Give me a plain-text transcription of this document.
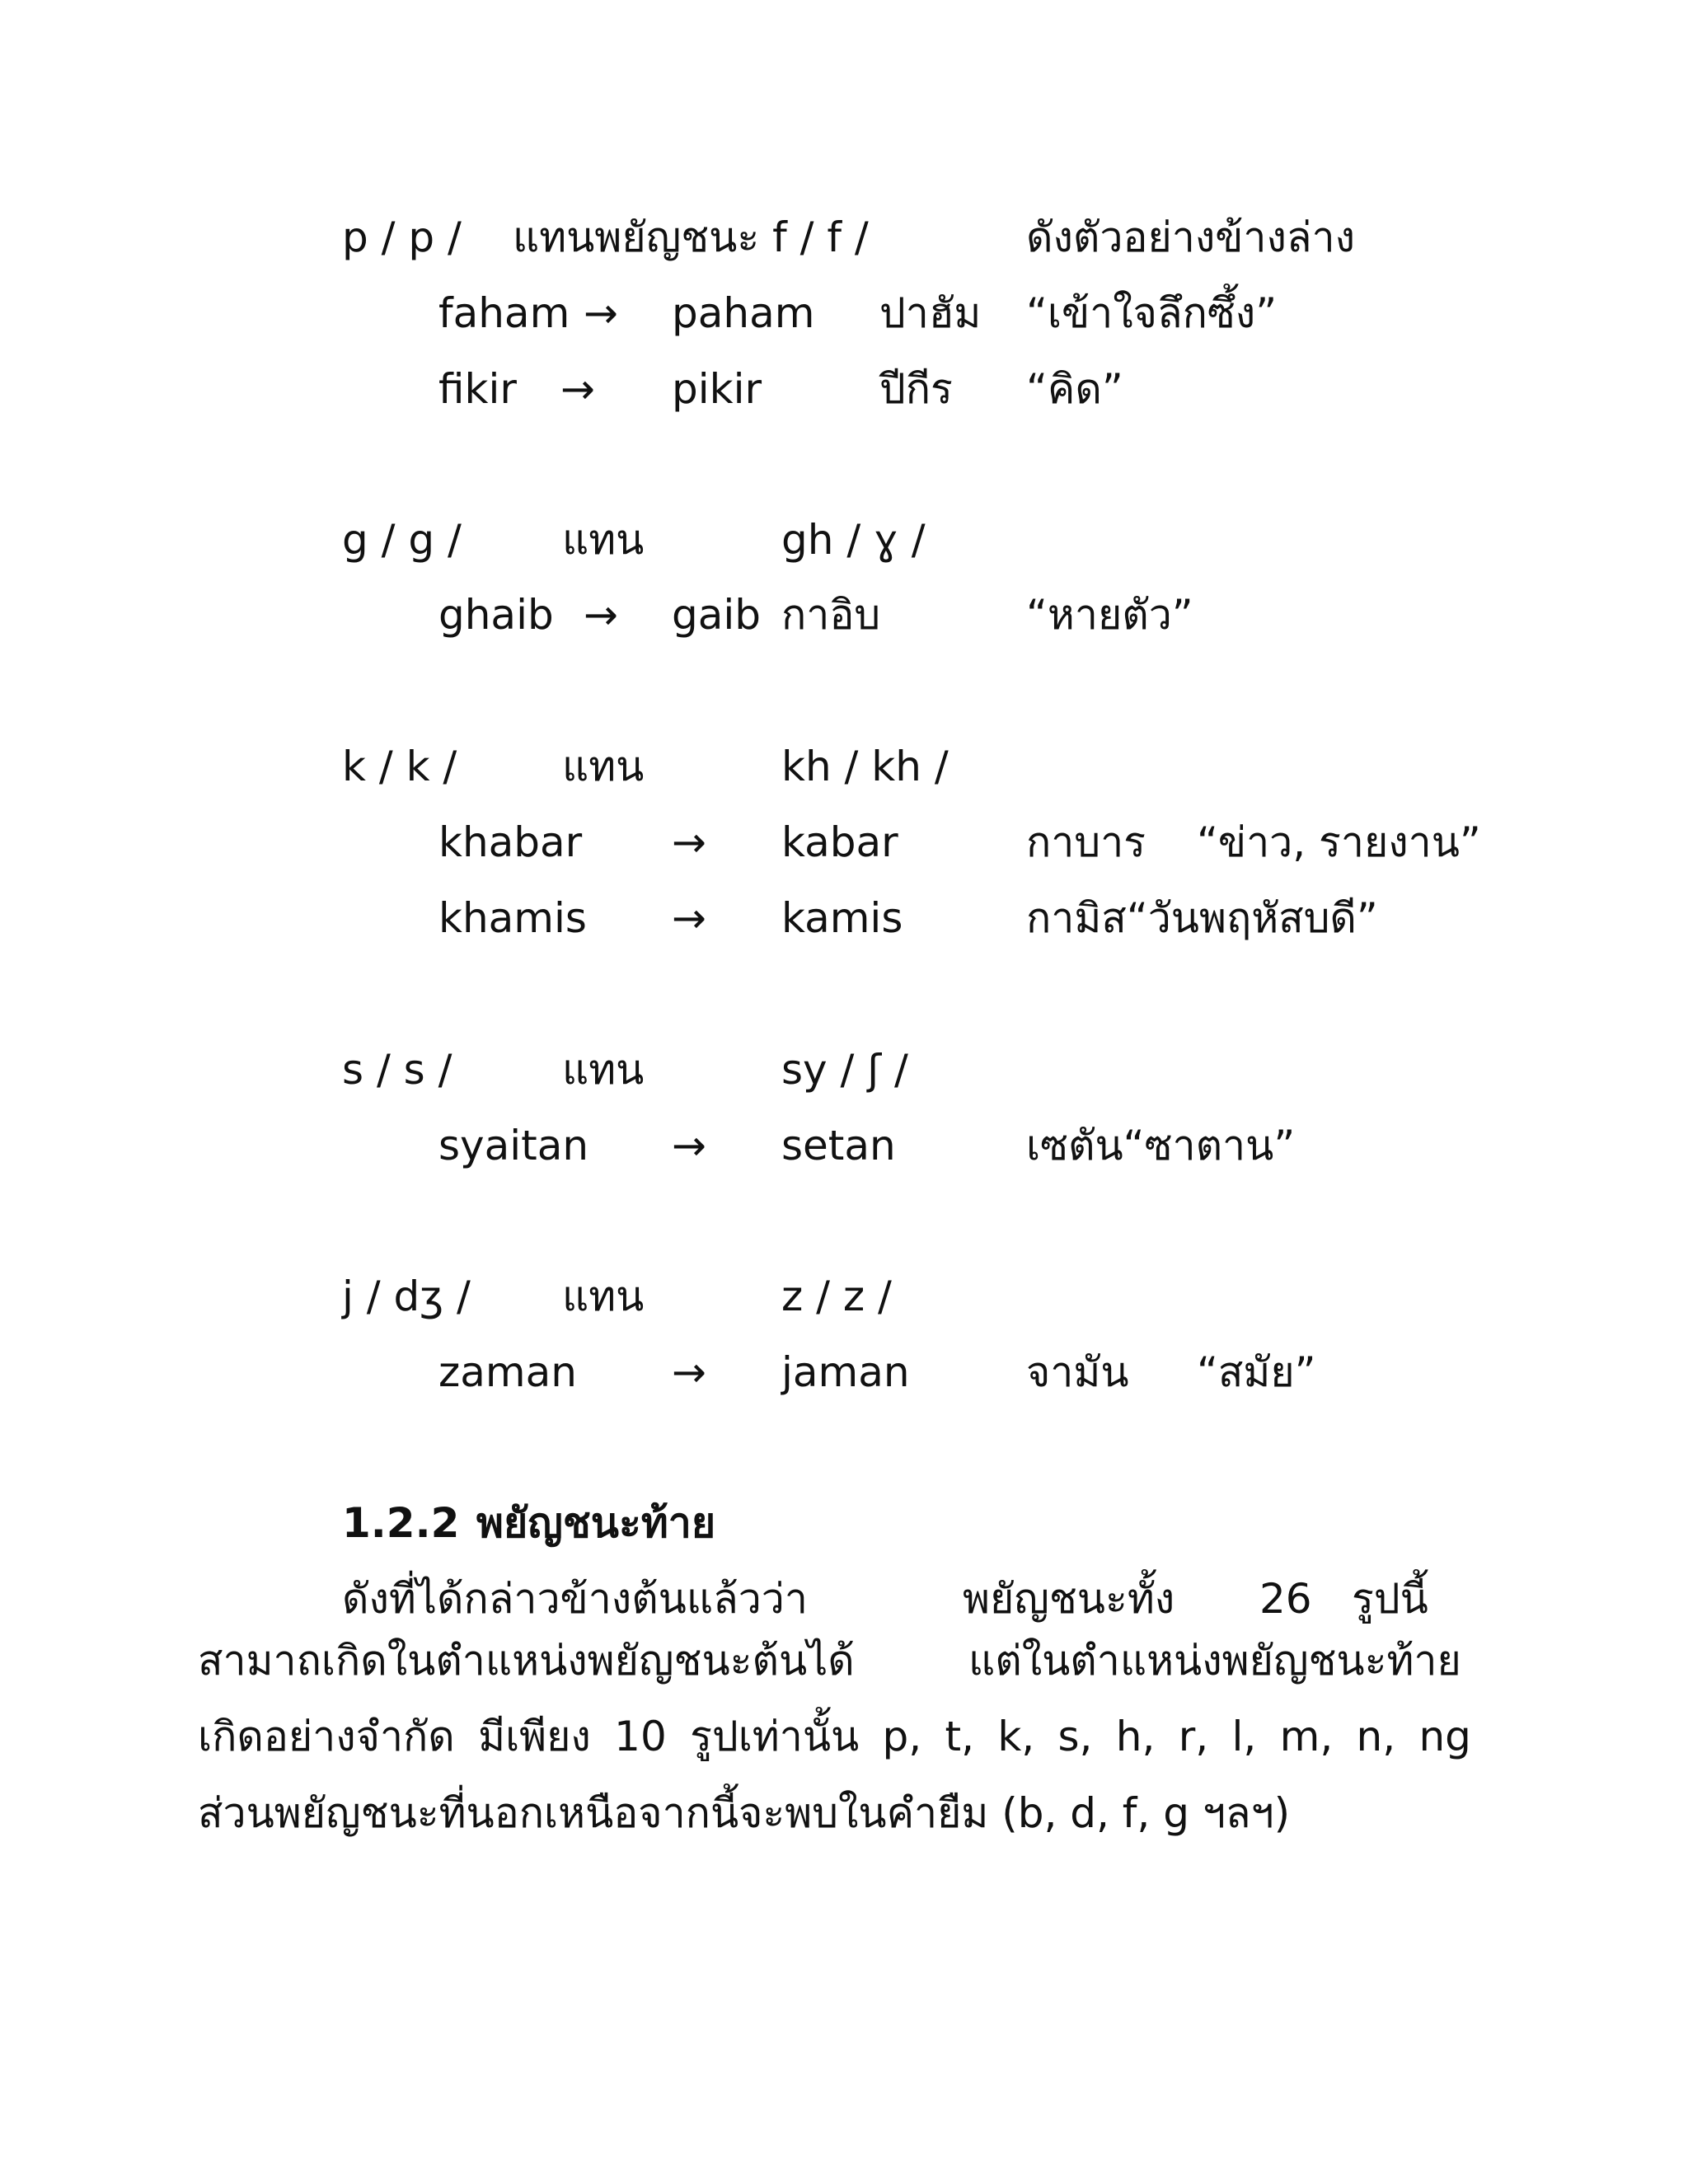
p / p / แทนพยัญชนะ f / f /	ดังตัวอย่างข้างล่าง
faham → paham ปาฮัม “เข้าใจลึกซึ้ง”
fikir → pikir	ปีกีร “คิด”
g / g / แทน	gh / ɣ /
ghaib → gaib กาอิบ	“หายตัว”
k / k /	แทน	kh / kh /
khabar → kabar	กาบาร “ข่าว, รายงาน”
khamis → kamis	กามิส“วันพฤหัสบดี”
s / s /	แทน	sy / ʃ /
syaitan → setan	เซตัน“ซาตาน”
j / dʒ / แทน	z / z /
zaman → jaman	จามัน “สมัย”
1.2.2 พยัญชนะท้าย
ดังที่ได้กล่าวข้างต้นแล้วว่า	พยัญชนะทั้ง 26 รูปนี้
สามาถเกิดในตำแหน่งพยัญชนะต้นได้	แต่ในตำแหน่งพยัญชนะท้าย
เกิดอย่างจำกัด มีเพียง 10 รูปเท่านั้น p, t, k, s, h, r, l, m, n, ng
ส่วนพยัญชนะที่นอกเหนือจากนี้จะพบในคำยืม (b, d, f, g ฯลฯ)
